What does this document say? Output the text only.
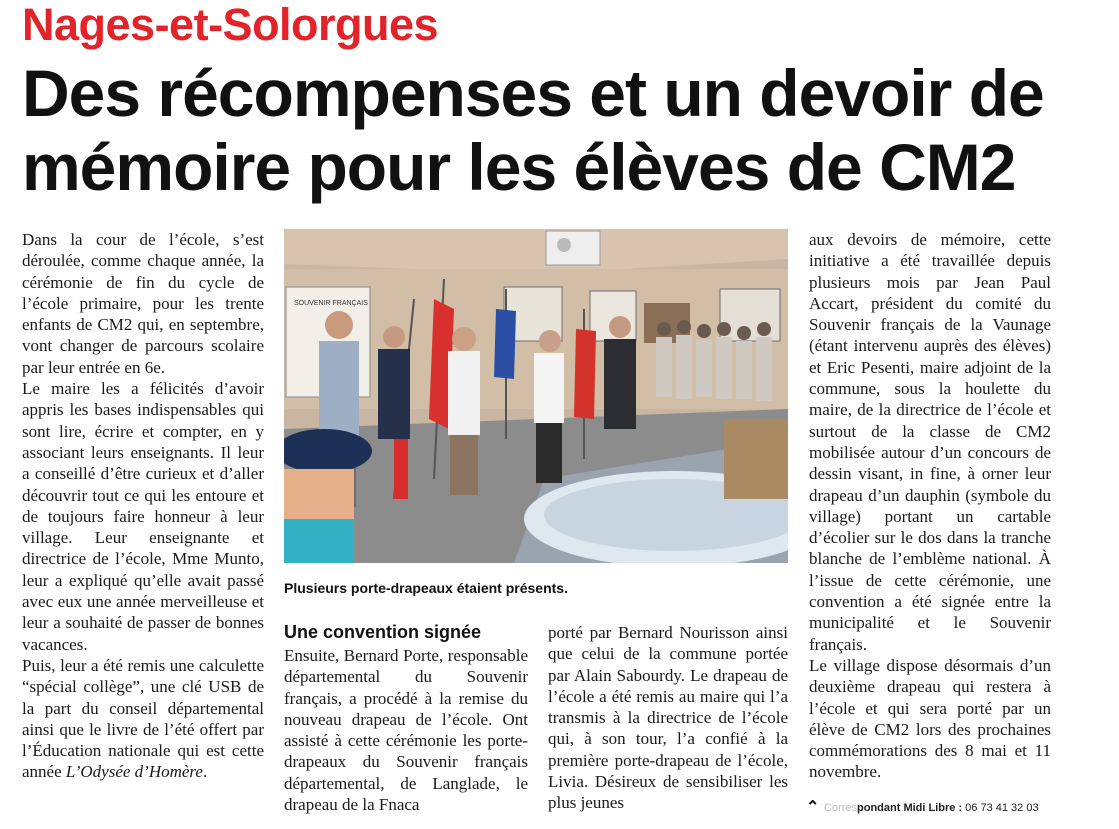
Nages-et-Solorgues
Des récompenses et un devoir de mémoire pour les élèves de CM2

Dans la cour de l’école, s’est déroulée, comme chaque année, la cérémonie de fin du cycle de l’école primaire, pour les trente enfants de CM2 qui, en septembre, vont changer de parcours scolaire par leur entrée en 6e.

Le maire les a félicités d’avoir appris les bases indispensables qui sont lire, écrire et compter, en y associant leurs enseignants. Il leur a conseillé d’être curieux et d’aller découvrir tout ce qui les entoure et de toujours faire honneur à leur village. Leur enseignante et directrice de l’école, Mme Munto, leur a expliqué qu’elle avait passé avec eux une année merveilleuse et leur a souhaité de passer de bonnes vacances.

Puis, leur a été remis une calculette “spécial collège”, une clé USB de la part du conseil départemental ainsi que le livre de l’été offert par l’Éducation nationale qui est cette année L’Odysée d’Homère.

SOUVENIR FRANÇAIS
Plusieurs porte-drapeaux étaient présents.
Une convention signée

Ensuite, Bernard Porte, responsable départemental du Souvenir français, a procédé à la remise du nouveau drapeau de l’école. Ont assisté à cette cérémonie les porte-drapeaux du Souvenir français départemental, de Langlade, le drapeau de la Fnaca

porté par Bernard Nourisson ainsi que celui de la commune portée par Alain Sabourdy. Le drapeau de l’école a été remis au maire qui l’a transmis à la directrice de l’école qui, à son tour, l’a confié à la première porte-drapeau de l’école, Livia. Désireux de sensibiliser les plus jeunes

aux devoirs de mémoire, cette initiative a été travaillée depuis plusieurs mois par Jean Paul Accart, président du comité du Souvenir français de la Vaunage (étant intervenu auprès des élèves) et Eric Pesenti, maire adjoint de la commune, sous la houlette du maire, de la directrice de l’école et surtout de la classe de CM2 mobilisée autour d’un concours de dessin visant, in fine, à orner leur drapeau d’un dauphin (symbole du village) portant un cartable d’écolier sur le dos dans la tranche blanche de l’emblème national. À l’issue de cette cérémonie, une convention a été signée entre la municipalité et le Souvenir français.

Le village dispose désormais d’un deuxième drapeau qui restera à l’école et qui sera porté par un élève de CM2 lors des prochaines commémorations des 8 mai et 11 novembre.

⌃ Correspondant Midi Libre : 06 73 41 32 03
